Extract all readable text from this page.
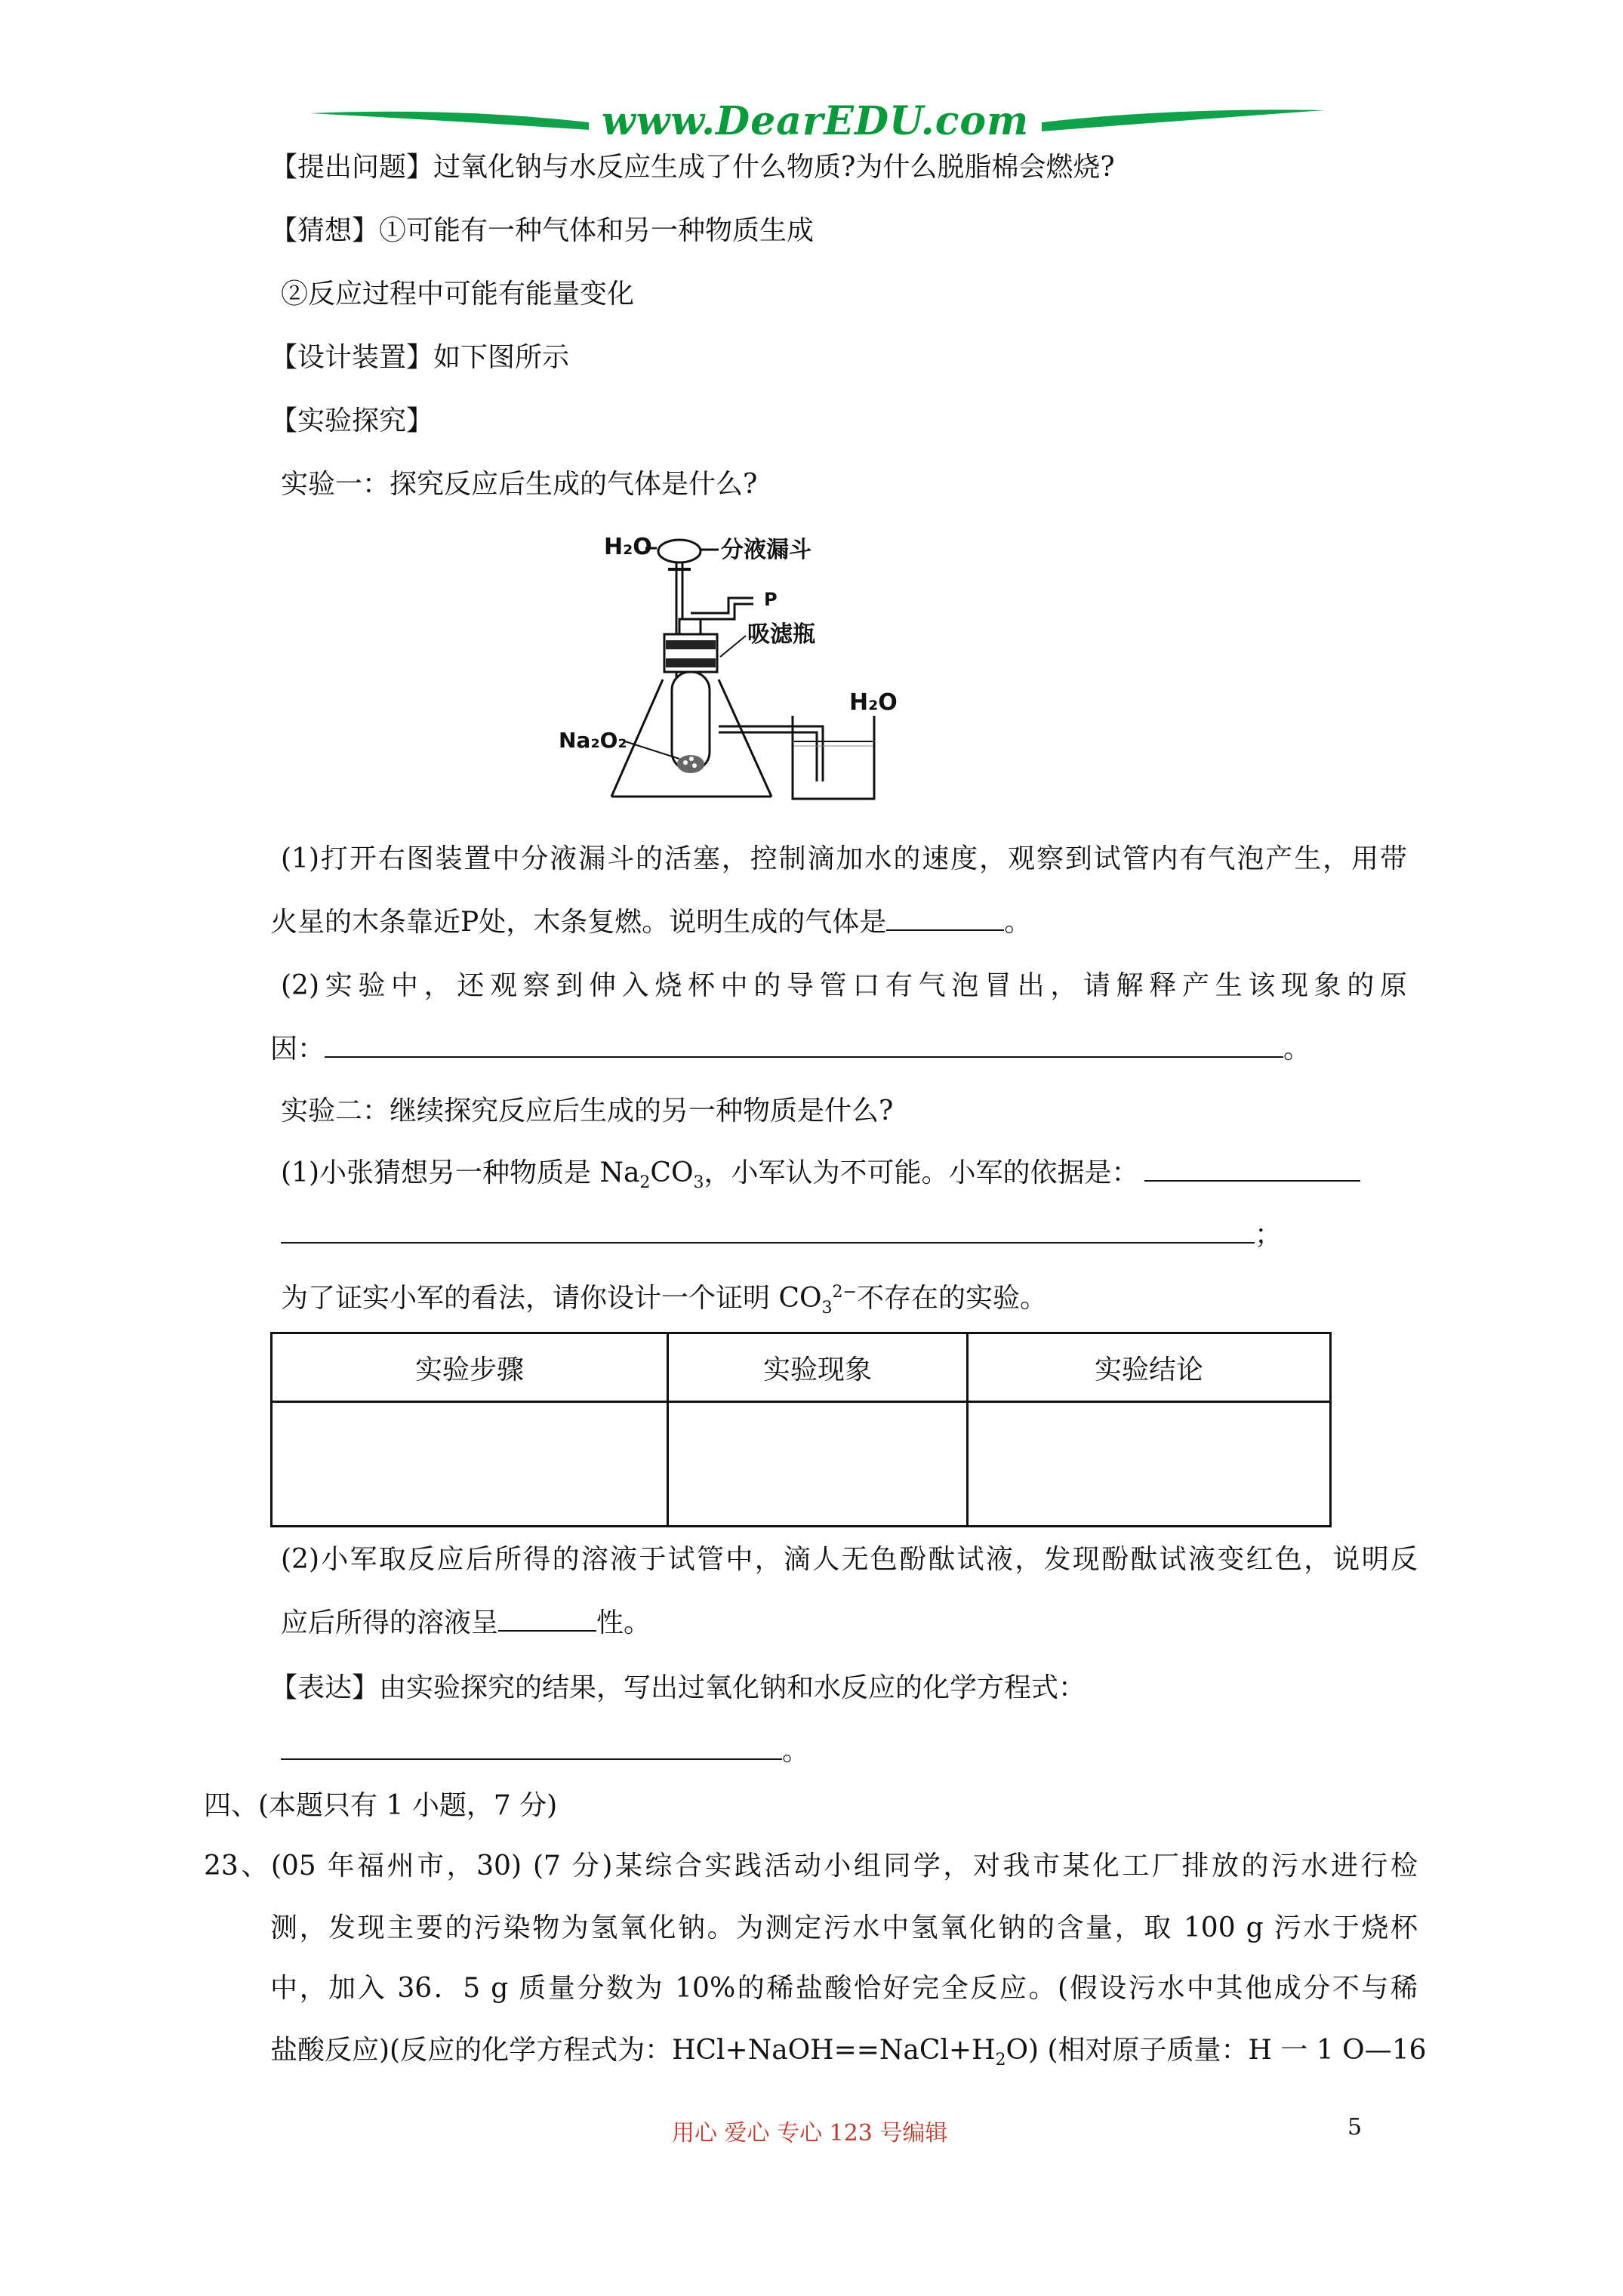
www.DearEDU.com
【提出问题】过氧化钠与水反应生成了什么物质?为什么脱脂棉会燃烧?
【猜想】①可能有一种气体和另一种物质生成
②反应过程中可能有能量变化
【设计装置】如下图所示
【实验探究】
实验一：探究反应后生成的气体是什么?
H₂O	分液漏斗
P
吸滤瓶
Na₂O₂
H₂O
(1)打开右图装置中分液漏斗的活塞，控制滴加水的速度，观察到试管内有气泡产生，用带
火星的木条靠近P处，木条复燃。说明生成的气体是	。
(2)实验中，还观察到伸入烧杯中的导管口有气泡冒出，请解释产生该现象的原
因：	。
实验二：继续探究反应后生成的另一种物质是什么?
(1)小张猜想另一种物质是 $Na_2CO_3$，小军认为不可能。小军的依据是：
；
为了证实小军的看法，请你设计一个证明 $CO_3^{2-}$不存在的实验。
实验步骤	实验现象	实验结论

(2)小军取反应后所得的溶液于试管中，滴人无色酚酞试液，发现酚酞试液变红色，说明反
应后所得的溶液呈	性。
【表达】由实验探究的结果，写出过氧化钠和水反应的化学方程式：
。
四、(本题只有 1 小题，7 分)
23、(05 年福州市，30) (7 分)某综合实践活动小组同学，对我市某化工厂排放的污水进行检
测，发现主要的污染物为氢氧化钠。为测定污水中氢氧化钠的含量，取 100 g 污水于烧杯
中，加入 36．5 g 质量分数为 10%的稀盐酸恰好完全反应。(假设污水中其他成分不与稀
盐酸反应)(反应的化学方程式为：$HCl+NaOH==NaCl+H_2O$) (相对原子质量：H 一 1 O—16
用心 爱心 专心 123 号编辑	5
